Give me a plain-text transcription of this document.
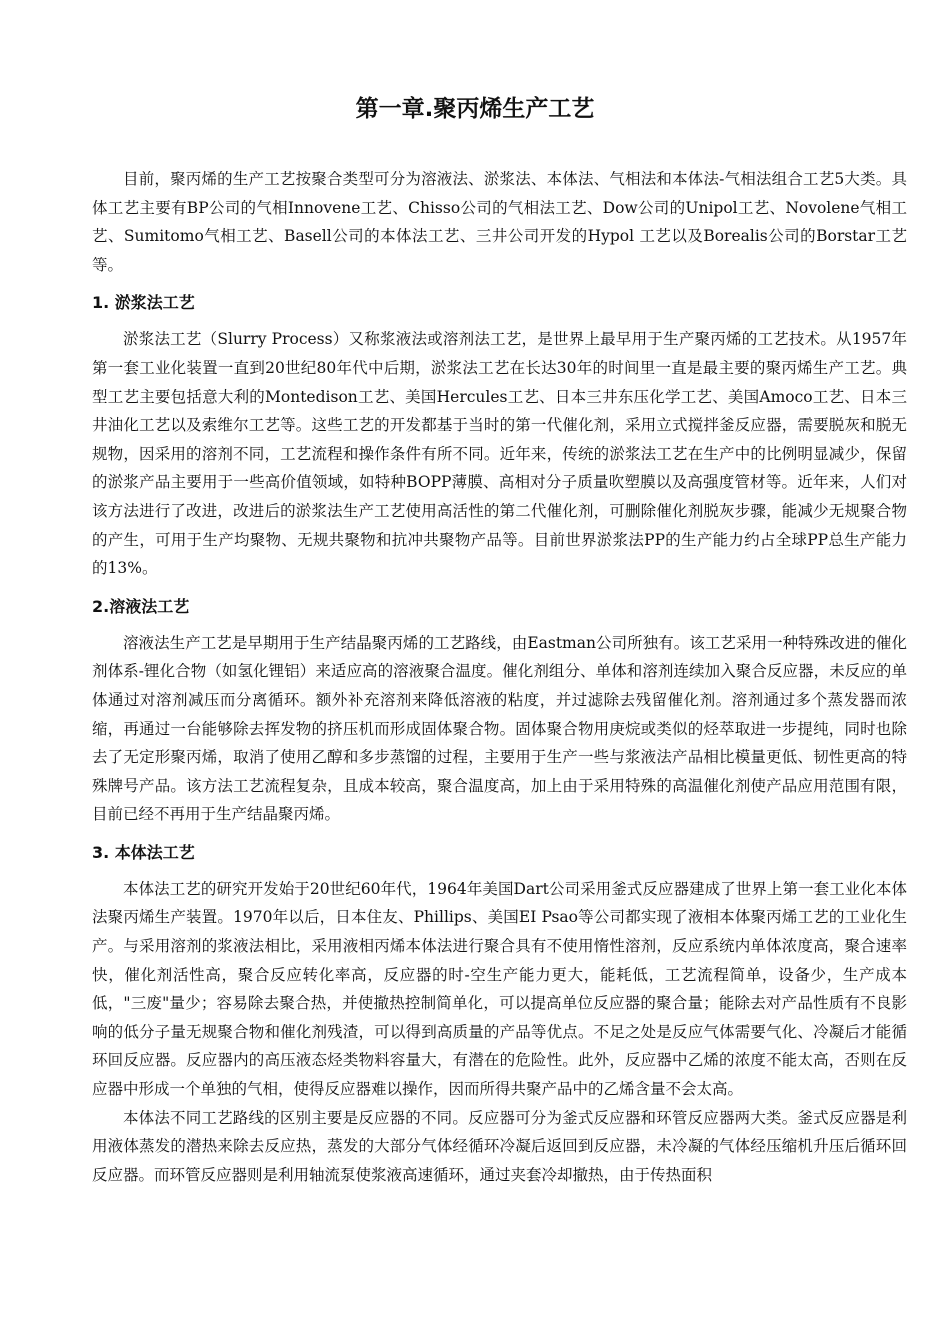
第一章.聚丙烯生产工艺

目前，聚丙烯的生产工艺按聚合类型可分为溶液法、淤浆法、本体法、气相法和本体法-气相法组合工艺5大类。具体工艺主要有BP公司的气相Innovene工艺、Chisso公司的气相法工艺、Dow公司的Unipol工艺、Novolene气相工艺、Sumitomo气相工艺、Basell公司的本体法工艺、三井公司开发的Hypol 工艺以及Borealis公司的Borstar工艺等。

1. 淤浆法工艺

淤浆法工艺（Slurry Process）又称浆液法或溶剂法工艺，是世界上最早用于生产聚丙烯的工艺技术。从1957年第一套工业化装置一直到20世纪80年代中后期，淤浆法工艺在长达30年的时间里一直是最主要的聚丙烯生产工艺。典型工艺主要包括意大利的Montedison工艺、美国Hercules工艺、日本三井东压化学工艺、美国Amoco工艺、日本三井油化工艺以及索维尔工艺等。这些工艺的开发都基于当时的第一代催化剂，采用立式搅拌釜反应器，需要脱灰和脱无规物，因采用的溶剂不同，工艺流程和操作条件有所不同。近年来，传统的淤浆法工艺在生产中的比例明显减少，保留的淤浆产品主要用于一些高价值领域，如特种BOPP薄膜、高相对分子质量吹塑膜以及高强度管材等。近年来，人们对该方法进行了改进，改进后的淤浆法生产工艺使用高活性的第二代催化剂，可删除催化剂脱灰步骤，能减少无规聚合物的产生，可用于生产均聚物、无规共聚物和抗冲共聚物产品等。目前世界淤浆法PP的生产能力约占全球PP总生产能力的13%。

2.溶液法工艺

溶液法生产工艺是早期用于生产结晶聚丙烯的工艺路线，由Eastman公司所独有。该工艺采用一种特殊改进的催化剂体系-锂化合物（如氢化锂铝）来适应高的溶液聚合温度。催化剂组分、单体和溶剂连续加入聚合反应器，未反应的单体通过对溶剂减压而分离循环。额外补充溶剂来降低溶液的粘度，并过滤除去残留催化剂。溶剂通过多个蒸发器而浓缩，再通过一台能够除去挥发物的挤压机而形成固体聚合物。固体聚合物用庚烷或类似的烃萃取进一步提纯，同时也除去了无定形聚丙烯，取消了使用乙醇和多步蒸馏的过程，主要用于生产一些与浆液法产品相比模量更低、韧性更高的特殊牌号产品。该方法工艺流程复杂，且成本较高，聚合温度高，加上由于采用特殊的高温催化剂使产品应用范围有限，目前已经不再用于生产结晶聚丙烯。

3. 本体法工艺

本体法工艺的研究开发始于20世纪60年代，1964年美国Dart公司采用釜式反应器建成了世界上第一套工业化本体法聚丙烯生产装置。1970年以后，日本住友、Phillips、美国EI Psao等公司都实现了液相本体聚丙烯工艺的工业化生产。与采用溶剂的浆液法相比，采用液相丙烯本体法进行聚合具有不使用惰性溶剂，反应系统内单体浓度高，聚合速率快，催化剂活性高，聚合反应转化率高，反应器的时-空生产能力更大，能耗低，工艺流程简单，设备少，生产成本低，"三废"量少；容易除去聚合热，并使撤热控制简单化，可以提高单位反应器的聚合量；能除去对产品性质有不良影响的低分子量无规聚合物和催化剂残渣，可以得到高质量的产品等优点。不足之处是反应气体需要气化、冷凝后才能循环回反应器。反应器内的高压液态烃类物料容量大，有潜在的危险性。此外，反应器中乙烯的浓度不能太高，否则在反应器中形成一个单独的气相，使得反应器难以操作，因而所得共聚产品中的乙烯含量不会太高。

本体法不同工艺路线的区别主要是反应器的不同。反应器可分为釜式反应器和环管反应器两大类。釜式反应器是利用液体蒸发的潜热来除去反应热，蒸发的大部分气体经循环冷凝后返回到反应器，未冷凝的气体经压缩机升压后循环回反应器。而环管反应器则是利用轴流泵使浆液高速循环，通过夹套冷却撤热，由于传热面积
